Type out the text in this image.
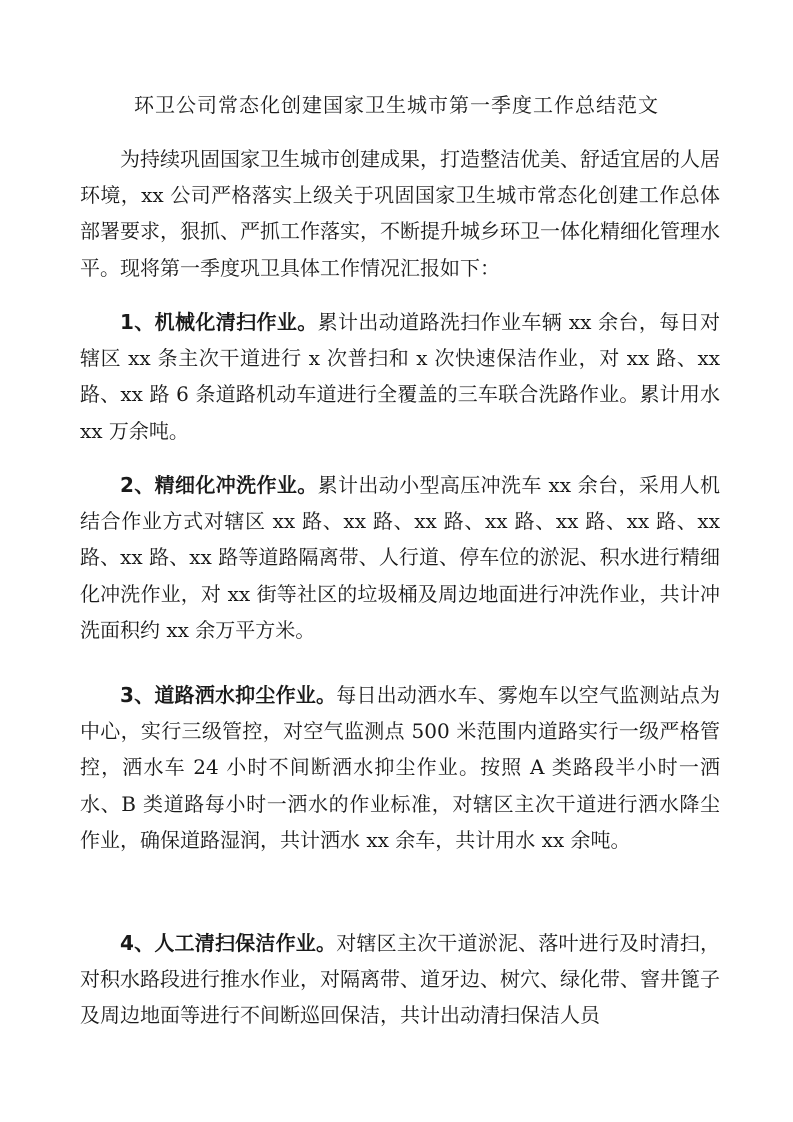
环卫公司常态化创建国家卫生城市第一季度工作总结范文

为持续巩固国家卫生城市创建成果，打造整洁优美、舒适宜居的人居环境，xx 公司严格落实上级关于巩固国家卫生城市常态化创建工作总体部署要求，狠抓、严抓工作落实，不断提升城乡环卫一体化精细化管理水平。现将第一季度巩卫具体工作情况汇报如下：

1、机械化清扫作业。累计出动道路洗扫作业车辆 xx 余台，每日对辖区 xx 条主次干道进行 x 次普扫和 x 次快速保洁作业，对 xx 路、xx 路、xx 路 6 条道路机动车道进行全覆盖的三车联合洗路作业。累计用水 xx 万余吨。

2、精细化冲洗作业。累计出动小型高压冲洗车 xx 余台，采用人机结合作业方式对辖区 xx 路、xx 路、xx 路、xx 路、xx 路、xx 路、xx 路、xx 路、xx 路等道路隔离带、人行道、停车位的淤泥、积水进行精细化冲洗作业，对 xx 街等社区的垃圾桶及周边地面进行冲洗作业，共计冲洗面积约 xx 余万平方米。

3、道路洒水抑尘作业。每日出动洒水车、雾炮车以空气监测站点为中心，实行三级管控，对空气监测点 500 米范围内道路实行一级严格管控，洒水车 24 小时不间断洒水抑尘作业。按照 A 类路段半小时一洒水、B 类道路每小时一洒水的作业标准，对辖区主次干道进行洒水降尘作业，确保道路湿润，共计洒水 xx 余车，共计用水 xx 余吨。

4、人工清扫保洁作业。对辖区主次干道淤泥、落叶进行及时清扫，对积水路段进行推水作业，对隔离带、道牙边、树穴、绿化带、窨井篦子及周边地面等进行不间断巡回保洁，共计出动清扫保洁人员
